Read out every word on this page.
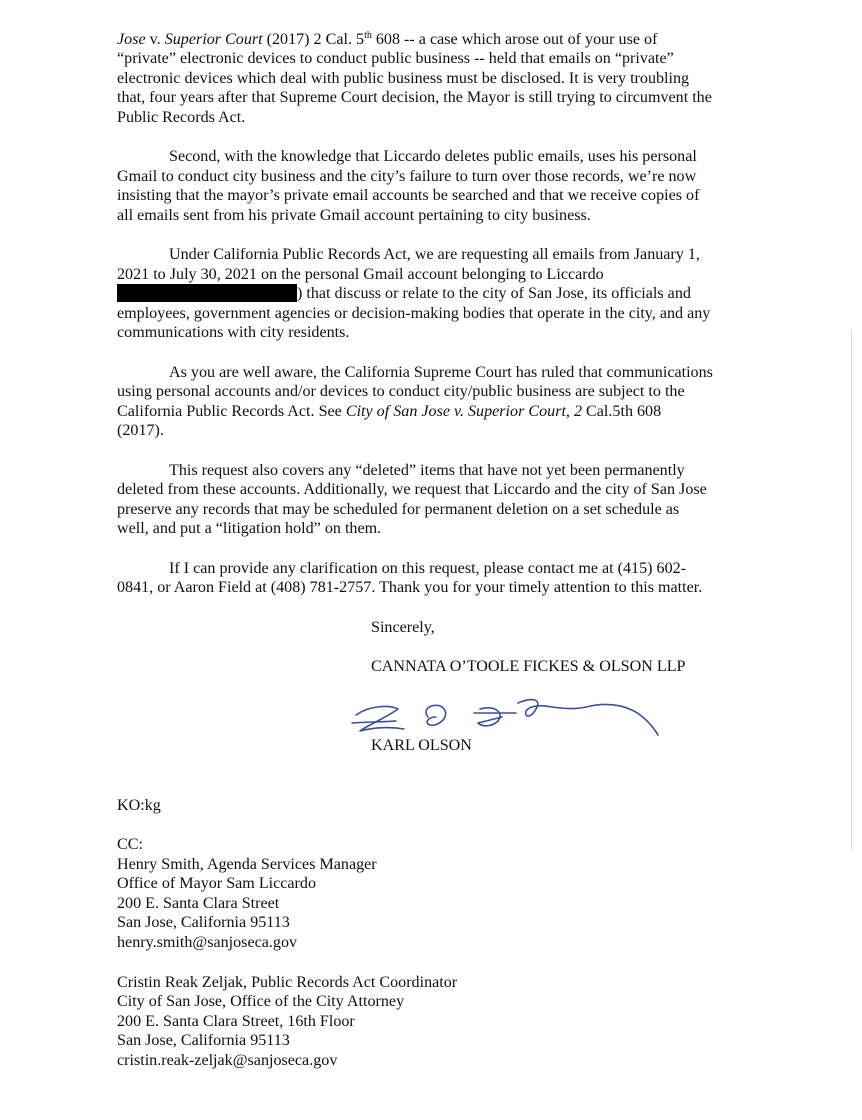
Jose v. Superior Court (2017) 2 Cal. 5th 608 -- a case which arose out of your use of

“private” electronic devices to conduct public business -- held that emails on “private”

electronic devices which deal with public business must be disclosed. It is very troubling

that, four years after that Supreme Court decision, the Mayor is still trying to circumvent the

Public Records Act.

Second, with the knowledge that Liccardo deletes public emails, uses his personal

Gmail to conduct city business and the city’s failure to turn over those records, we’re now

insisting that the mayor’s private email accounts be searched and that we receive copies of

all emails sent from his private Gmail account pertaining to city business.

Under California Public Records Act, we are requesting all emails from January 1,

2021 to July 30, 2021 on the personal Gmail account belonging to Liccardo

) that discuss or relate to the city of San Jose, its officials and

employees, government agencies or decision-making bodies that operate in the city, and any

communications with city residents.

As you are well aware, the California Supreme Court has ruled that communications

using personal accounts and/or devices to conduct city/public business are subject to the

California Public Records Act. See City of San Jose v. Superior Court, 2 Cal.5th 608

(2017).

This request also covers any “deleted” items that have not yet been permanently

deleted from these accounts. Additionally, we request that Liccardo and the city of San Jose

preserve any records that may be scheduled for permanent deletion on a set schedule as

well, and put a “litigation hold” on them.

If I can provide any clarification on this request, please contact me at (415) 602-

0841, or Aaron Field at (408) 781-2757. Thank you for your timely attention to this matter.

Sincerely,

CANNATA O’TOOLE FICKES & OLSON LLP

KARL OLSON

KO:kg

CC:

Henry Smith, Agenda Services Manager

Office of Mayor Sam Liccardo

200 E. Santa Clara Street

San Jose, California 95113

henry.smith@sanjoseca.gov

Cristin Reak Zeljak, Public Records Act Coordinator

City of San Jose, Office of the City Attorney

200 E. Santa Clara Street, 16th Floor

San Jose, California 95113

cristin.reak-zeljak@sanjoseca.gov
